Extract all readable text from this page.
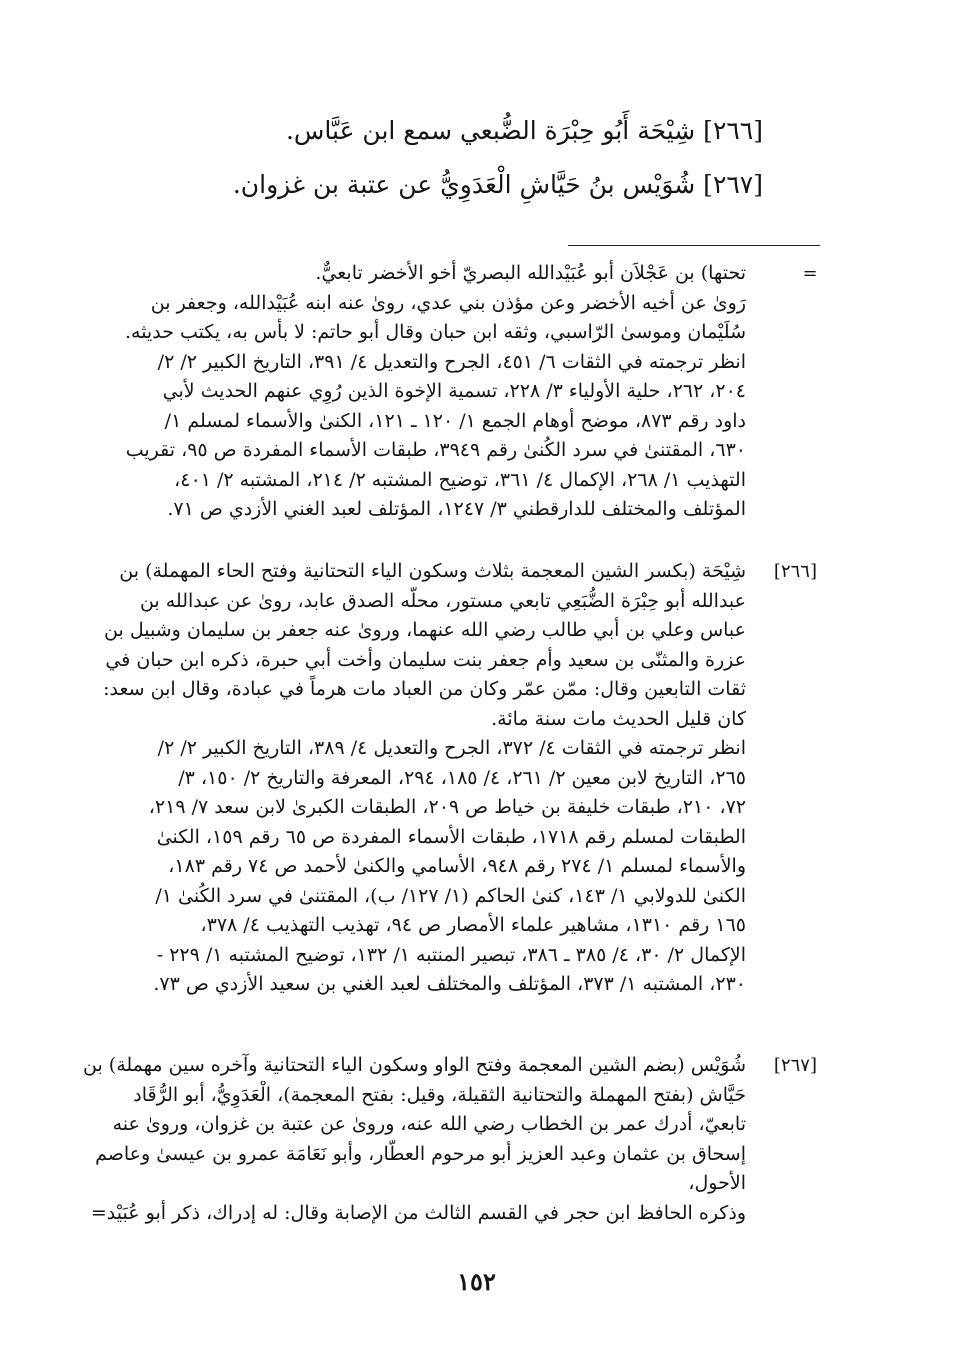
[٢٦٦] شِيْحَة أَبُو حِبْرَة الضُّبعي سمع ابن عَبَّاس.
[٢٦٧] شُوَيْس بنُ حَيَّاشِ الْعَدَوِيُّ عن عتبة بن غزوان.
=
تحتها) بن عَجْلاَن أبو عُبَيْدالله البصريّ أخو الأخضر تابعيٌّ.
رَوىٰ عن أخيه الأخضر وعن مؤذن بني عدي، روىٰ عنه ابنه عُبَيْدالله، وجعفر بن
سُلَيْمان وموسىٰ الرّاسبي، وثقه ابن حبان وقال أبو حاتم: لا بأس به، يكتب حديثه.
انظر ترجمته في الثقات ٦/ ٤٥١، الجرح والتعديل ٤/ ٣٩١، التاريخ الكبير ٢/ ٢/
٢٠٤، ٢٦٢، حلية الأولياء ٣/ ٢٢٨، تسمية الإخوة الذين رُوِي عنهم الحديث لأبي
داود رقم ٨٧٣، موضح أوهام الجمع ١/ ١٢٠ ـ ١٢١، الكنىٰ والأسماء لمسلم ١/
٦٣٠، المقتنىٰ في سرد الكُنىٰ رقم ٣٩٤٩، طبقات الأسماء المفردة ص ٩٥، تقريب
التهذيب ١/ ٢٦٨، الإكمال ٤/ ٣٦١، توضيح المشتبه ٢/ ٢١٤، المشتبه ٢/ ٤٠١،
المؤتلف والمختلف للدارقطني ٣/ ١٢٤٧، المؤتلف لعبد الغني الأزدي ص ٧١.
[٢٦٦]
شِيْحَة (بكسر الشين المعجمة بثلاث وسكون الياء التحتانية وفتح الحاء المهملة) بن
عبدالله أبو حِبْرَة الضُّبَعِي تابعي مستور، محلّه الصدق عابد، روىٰ عن عبدالله بن
عباس وعلي بن أبي طالب رضي الله عنهما، وروىٰ عنه جعفر بن سليمان وشبيل بن
عزرة والمثنّى بن سعيد وأم جعفر بنت سليمان وأخت أبي حبرة، ذكره ابن حبان في
ثقات التابعين وقال: ممّن عمّر وكان من العباد مات هرماً في عبادة، وقال ابن سعد:
كان قليل الحديث مات سنة مائة.
انظر ترجمته في الثقات ٤/ ٣٧٢، الجرح والتعديل ٤/ ٣٨٩، التاريخ الكبير ٢/ ٢/
٢٦٥، التاريخ لابن معين ٢/ ٢٦١، ٤/ ١٨٥، ٢٩٤، المعرفة والتاريخ ٢/ ١٥٠، ٣/
٧٢، ٢١٠، طبقات خليفة بن خياط ص ٢٠٩، الطبقات الكبرىٰ لابن سعد ٧/ ٢١٩،
الطبقات لمسلم رقم ١٧١٨، طبقات الأسماء المفردة ص ٦٥ رقم ١٥٩، الكنىٰ
والأسماء لمسلم ١/ ٢٧٤ رقم ٩٤٨، الأسامي والكنىٰ لأحمد ص ٧٤ رقم ١٨٣،
الكنىٰ للدولابي ١/ ١٤٣، كنىٰ الحاكم (١/ ١٢٧/ ب)، المقتنىٰ في سرد الكُنىٰ ١/
١٦٥ رقم ١٣١٠، مشاهير علماء الأمصار ص ٩٤، تهذيب التهذيب ٤/ ٣٧٨،
الإكمال ٢/ ٣٠، ٤/ ٣٨٥ ـ ٣٨٦، تبصير المنتبه ١/ ١٣٢، توضيح المشتبه ١/ ٢٢٩ -
٢٣٠، المشتبه ١/ ٣٧٣، المؤتلف والمختلف لعبد الغني بن سعيد الأزدي ص ٧٣.
[٢٦٧]
شُوَيْس (بضم الشين المعجمة وفتح الواو وسكون الياء التحتانية وآخره سين مهملة) بن
حَيَّاش (بفتح المهملة والتحتانية الثقيلة، وقيل: بفتح المعجمة)، الْعَدَوِيُّ، أبو الرُّقَاد
تابعيّ، أدرك عمر بن الخطاب رضي الله عنه، وروىٰ عن عتبة بن غزوان، وروىٰ عنه
إسحاق بن عثمان وعبد العزيز أبو مرحوم العطّار، وأبو نَعَامَة عمرو بن عيسىٰ وعاصم
الأحول،
وذكره الحافظ ابن حجر في القسم الثالث من الإصابة وقال: له إدراك، ذكر أبو عُبَيْد=
١٥٢
